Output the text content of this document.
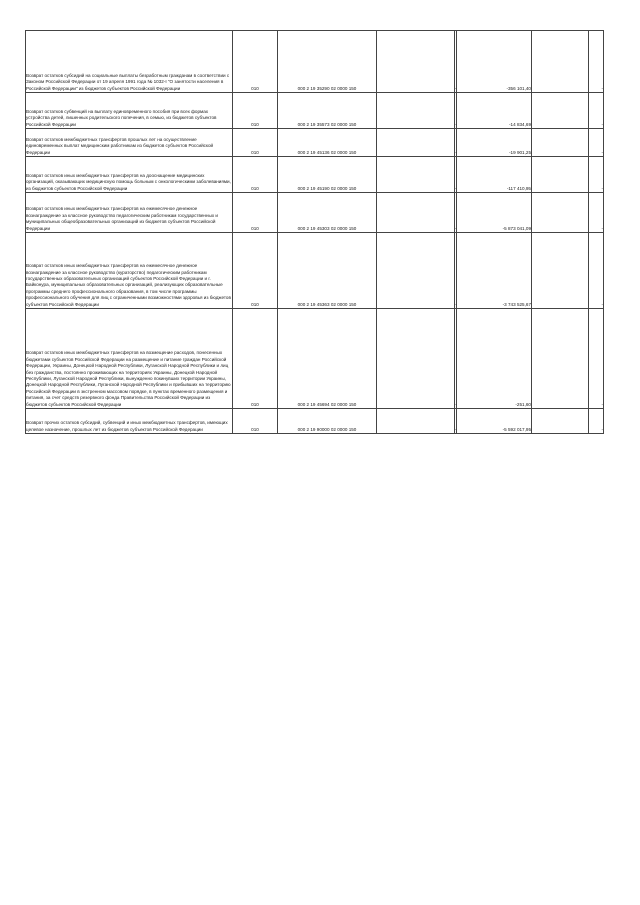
Возврат остатков субсидий на социальные выплаты безработным гражданам в соответствии с Законом Российской Федерации от 19 апреля 1991 года № 1032-I "О занятости населения в Российской Федерации" из бюджетов субъектов Российской Федерации	010	000 2 19 35290 02 0000 150		-	-356 101,40		-

Возврат остатков субвенций на выплату единовременного пособия при всех формах устройства детей, лишенных родительского попечения, в семью, из бюджетов субъектов Российской Федерации	010	000 2 19 35573 02 0000 150		-	-14 834,69		-

Возврат остатков межбюджетных трансфертов прошлых лет на осуществление единовременных выплат медицинским работникам из бюджетов субъектов Российской Федерации	010	000 2 19 45136 02 0000 150		-	-19 901,25		-

Возврат остатков иных межбюджетных трансфертов на дооснащение медицинских организаций, оказывающих медицинскую помощь больным с онкологическими заболеваниями, из бюджетов субъектов Российской Федерации	010	000 2 19 45190 02 0000 150		-	-117 410,95		-

Возврат остатков иных межбюджетных трансфертов на ежемесячное денежное вознаграждение за классное руководство педагогическим работникам государственных и муниципальных общеобразовательных организаций из бюджетов субъектов Российской Федерации	010	000 2 19 45303 02 0000 150		-	-5 873 041,09		-

Возврат остатков иных межбюджетных трансфертов на ежемесячное денежное вознаграждение за классное руководство (кураторство) педагогическим работникам государственных образовательных организаций субъектов Российской Федерации и г. Байконура, муниципальных образовательных организаций, реализующих образовательные программы среднего профессионального образования, в том числе программы профессионального обучения для лиц с ограниченными возможностями здоровья из бюджетов субъектов Российской Федерации	010	000 2 19 45363 02 0000 150		-	-3 743 525,67		-

Возврат остатков иных межбюджетных трансфертов на возмещение расходов, понесенных бюджетами субъектов Российской Федерации на размещение и питание граждан Российской Федерации, Украины, Донецкой Народной Республики, Луганской Народной Республики и лиц без гражданства, постоянно проживающих на территориях Украины, Донецкой Народной Республики, Луганской Народной Республики, вынужденно покинувших территории Украины, Донецкой Народной Республики, Луганской Народной Республики и прибывших на территорию Российской Федерации в экстренном массовом порядке, в пунктах временного размещения и питания, за счет средств резервного фонда Правительства Российской Федерации из бюджетов субъектов Российской Федерации	010	000 2 19 45694 02 0000 150		-	-251,60		-

Возврат прочих остатков субсидий, субвенций и иных межбюджетных трансфертов, имеющих целевое назначение, прошлых лет из бюджетов субъектов Российской Федерации	010	000 2 19 90000 02 0000 150		-	-5 592 017,95		-
